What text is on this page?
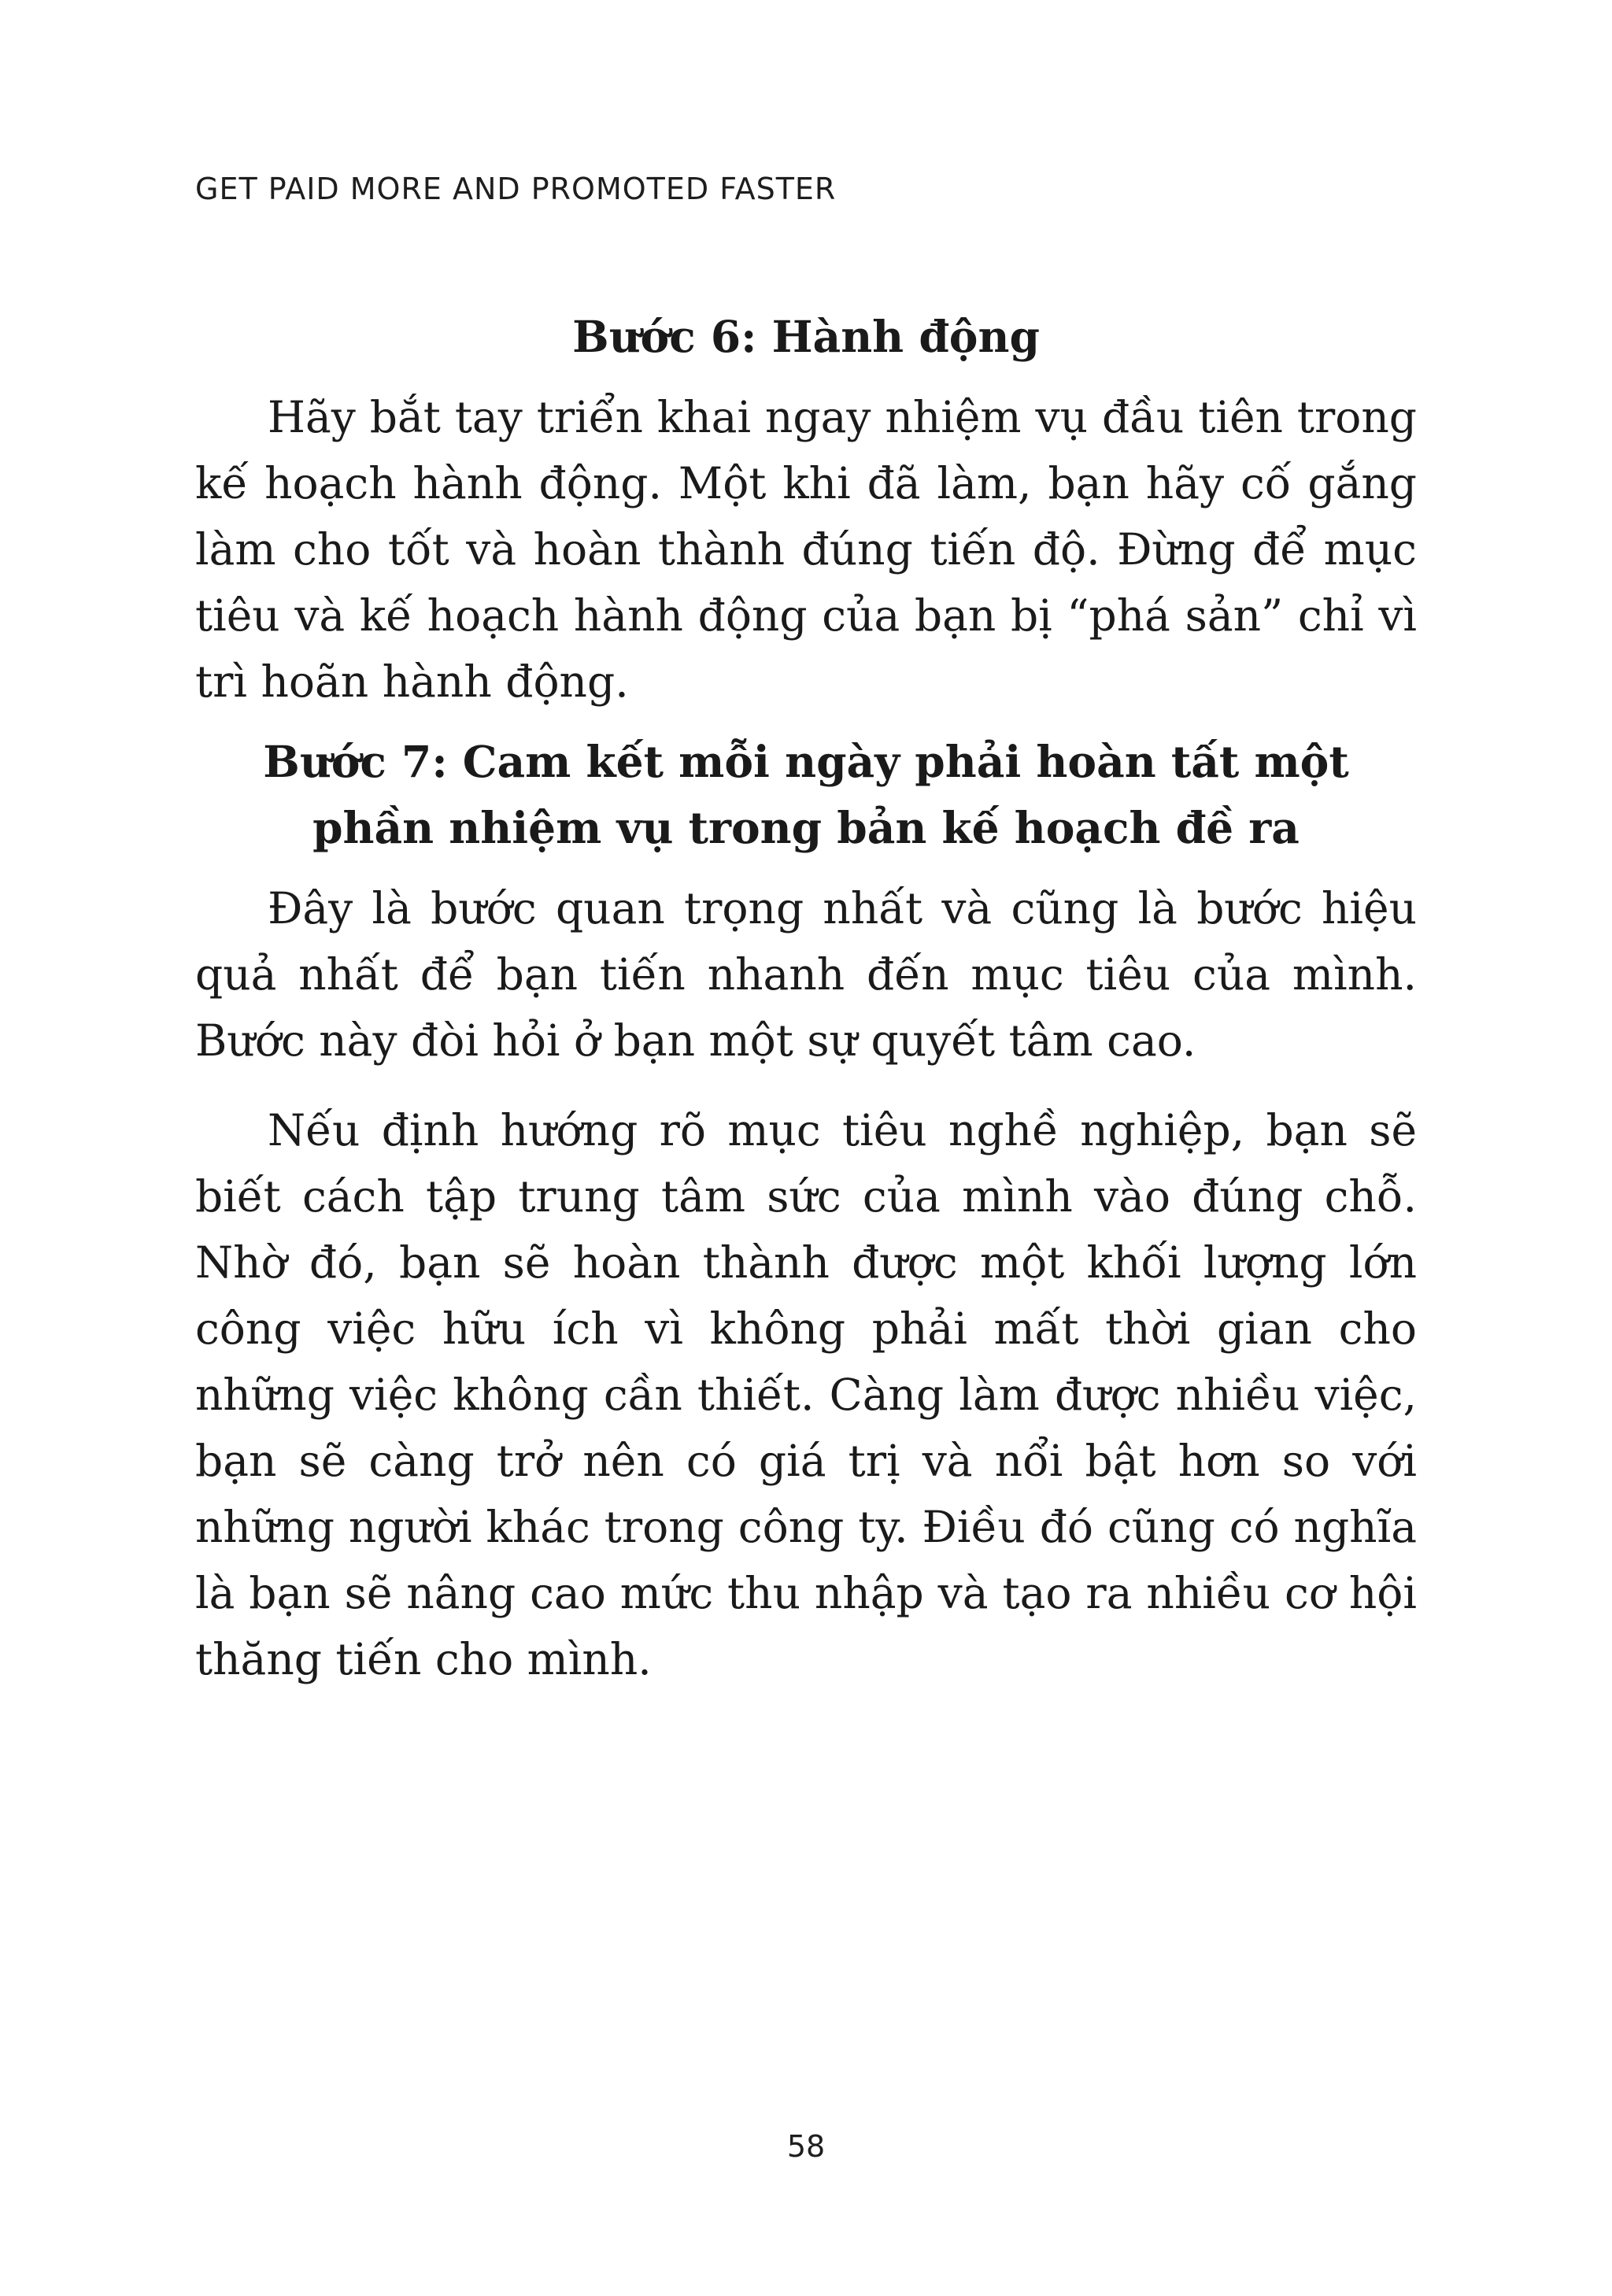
GET PAID MORE AND PROMOTED FASTER
Bước 6: Hành động

Hãy bắt tay triển khai ngay nhiệm vụ đầu tiên trong kế hoạch hành động. Một khi đã làm, bạn hãy cố gắng làm cho tốt và hoàn thành đúng tiến độ. Đừng để mục tiêu và kế hoạch hành động của bạn bị “phá sản” chỉ vì trì hoãn hành động.

Bước 7: Cam kết mỗi ngày phải hoàn tất một phần nhiệm vụ trong bản kế hoạch đề ra

Đây là bước quan trọng nhất và cũng là bước hiệu quả nhất để bạn tiến nhanh đến mục tiêu của mình. Bước này đòi hỏi ở bạn một sự quyết tâm cao.

Nếu định hướng rõ mục tiêu nghề nghiệp, bạn sẽ biết cách tập trung tâm sức của mình vào đúng chỗ. Nhờ đó, bạn sẽ hoàn thành được một khối lượng lớn công việc hữu ích vì không phải mất thời gian cho những việc không cần thiết. Càng làm được nhiều việc, bạn sẽ càng trở nên có giá trị và nổi bật hơn so với những người khác trong công ty. Điều đó cũng có nghĩa là bạn sẽ nâng cao mức thu nhập và tạo ra nhiều cơ hội thăng tiến cho mình.

58
